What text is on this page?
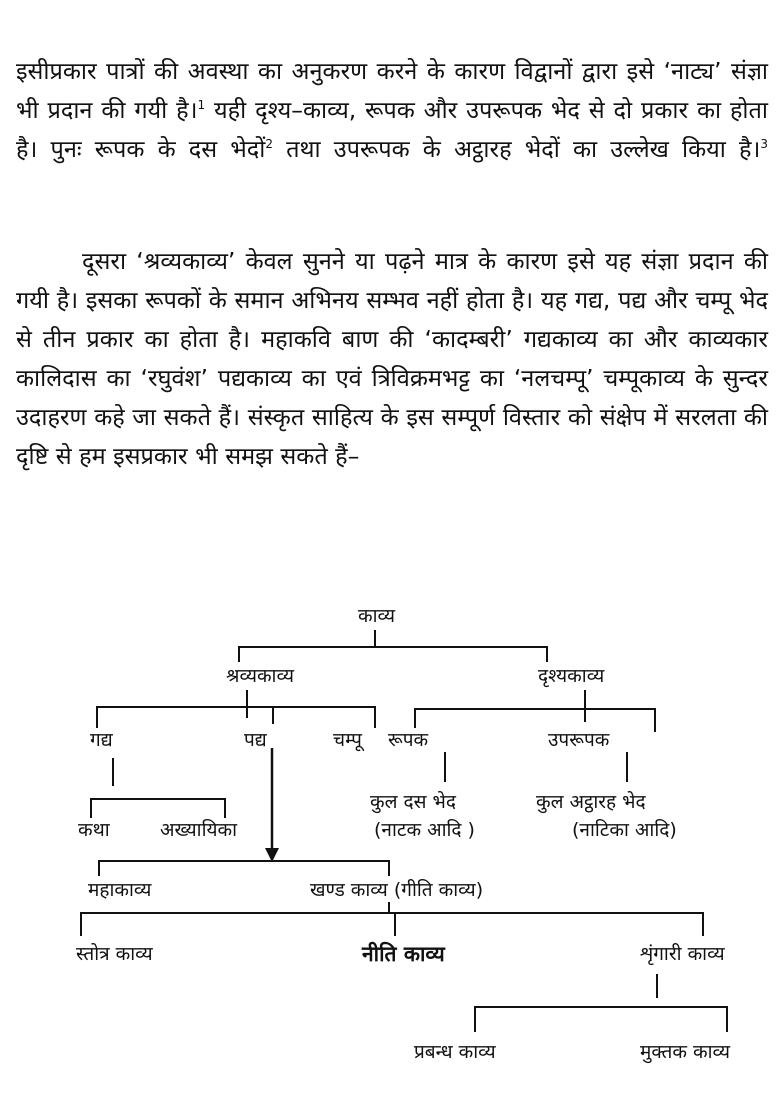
इसीप्रकार पात्रों की अवस्था का अनुकरण करने के कारण विद्वानों द्वारा इसे ‘नाट्य’ संज्ञा भी प्रदान की गयी है।$^1$ यही दृश्य–काव्य, रूपक और उपरूपक भेद से दो प्रकार का होता है। पुनः रूपक के दस भेदों$^2$ तथा उपरूपक के अट्ठारह भेदों का उल्लेख किया है।$^3$

दूसरा ‘श्रव्यकाव्य’ केवल सुनने या पढ़ने मात्र के कारण इसे यह संज्ञा प्रदान की गयी है। इसका रूपकों के समान अभिनय सम्भव नहीं होता है। यह गद्य, पद्य और चम्पू भेद से तीन प्रकार का होता है। महाकवि बाण की ‘कादम्बरी’ गद्यकाव्य का और काव्यकार कालिदास का ‘रघुवंश’ पद्यकाव्य का एवं त्रिविक्रमभट्ट का ‘नलचम्पू’ चम्पूकाव्य के सुन्दर उदाहरण कहे जा सकते हैं। संस्कृत साहित्य के इस सम्पूर्ण विस्तार को संक्षेप में सरलता की दृष्टि से हम इसप्रकार भी समझ सकते हैं–

काव्य
श्रव्यकाव्य	दृश्यकाव्य
गद्य	पद्य	चम्पू रूपक	उपरूपक
कुल दस भेद
(नाटक आदि )
कुल अट्ठारह भेद
(नाटिका आदि)
कथा	अख्यायिका
महाकाव्य	खण्ड काव्य (गीति काव्य)
स्तोत्र काव्य	नीति काव्य	शृंगारी काव्य
प्रबन्ध काव्य	मुक्तक काव्य
